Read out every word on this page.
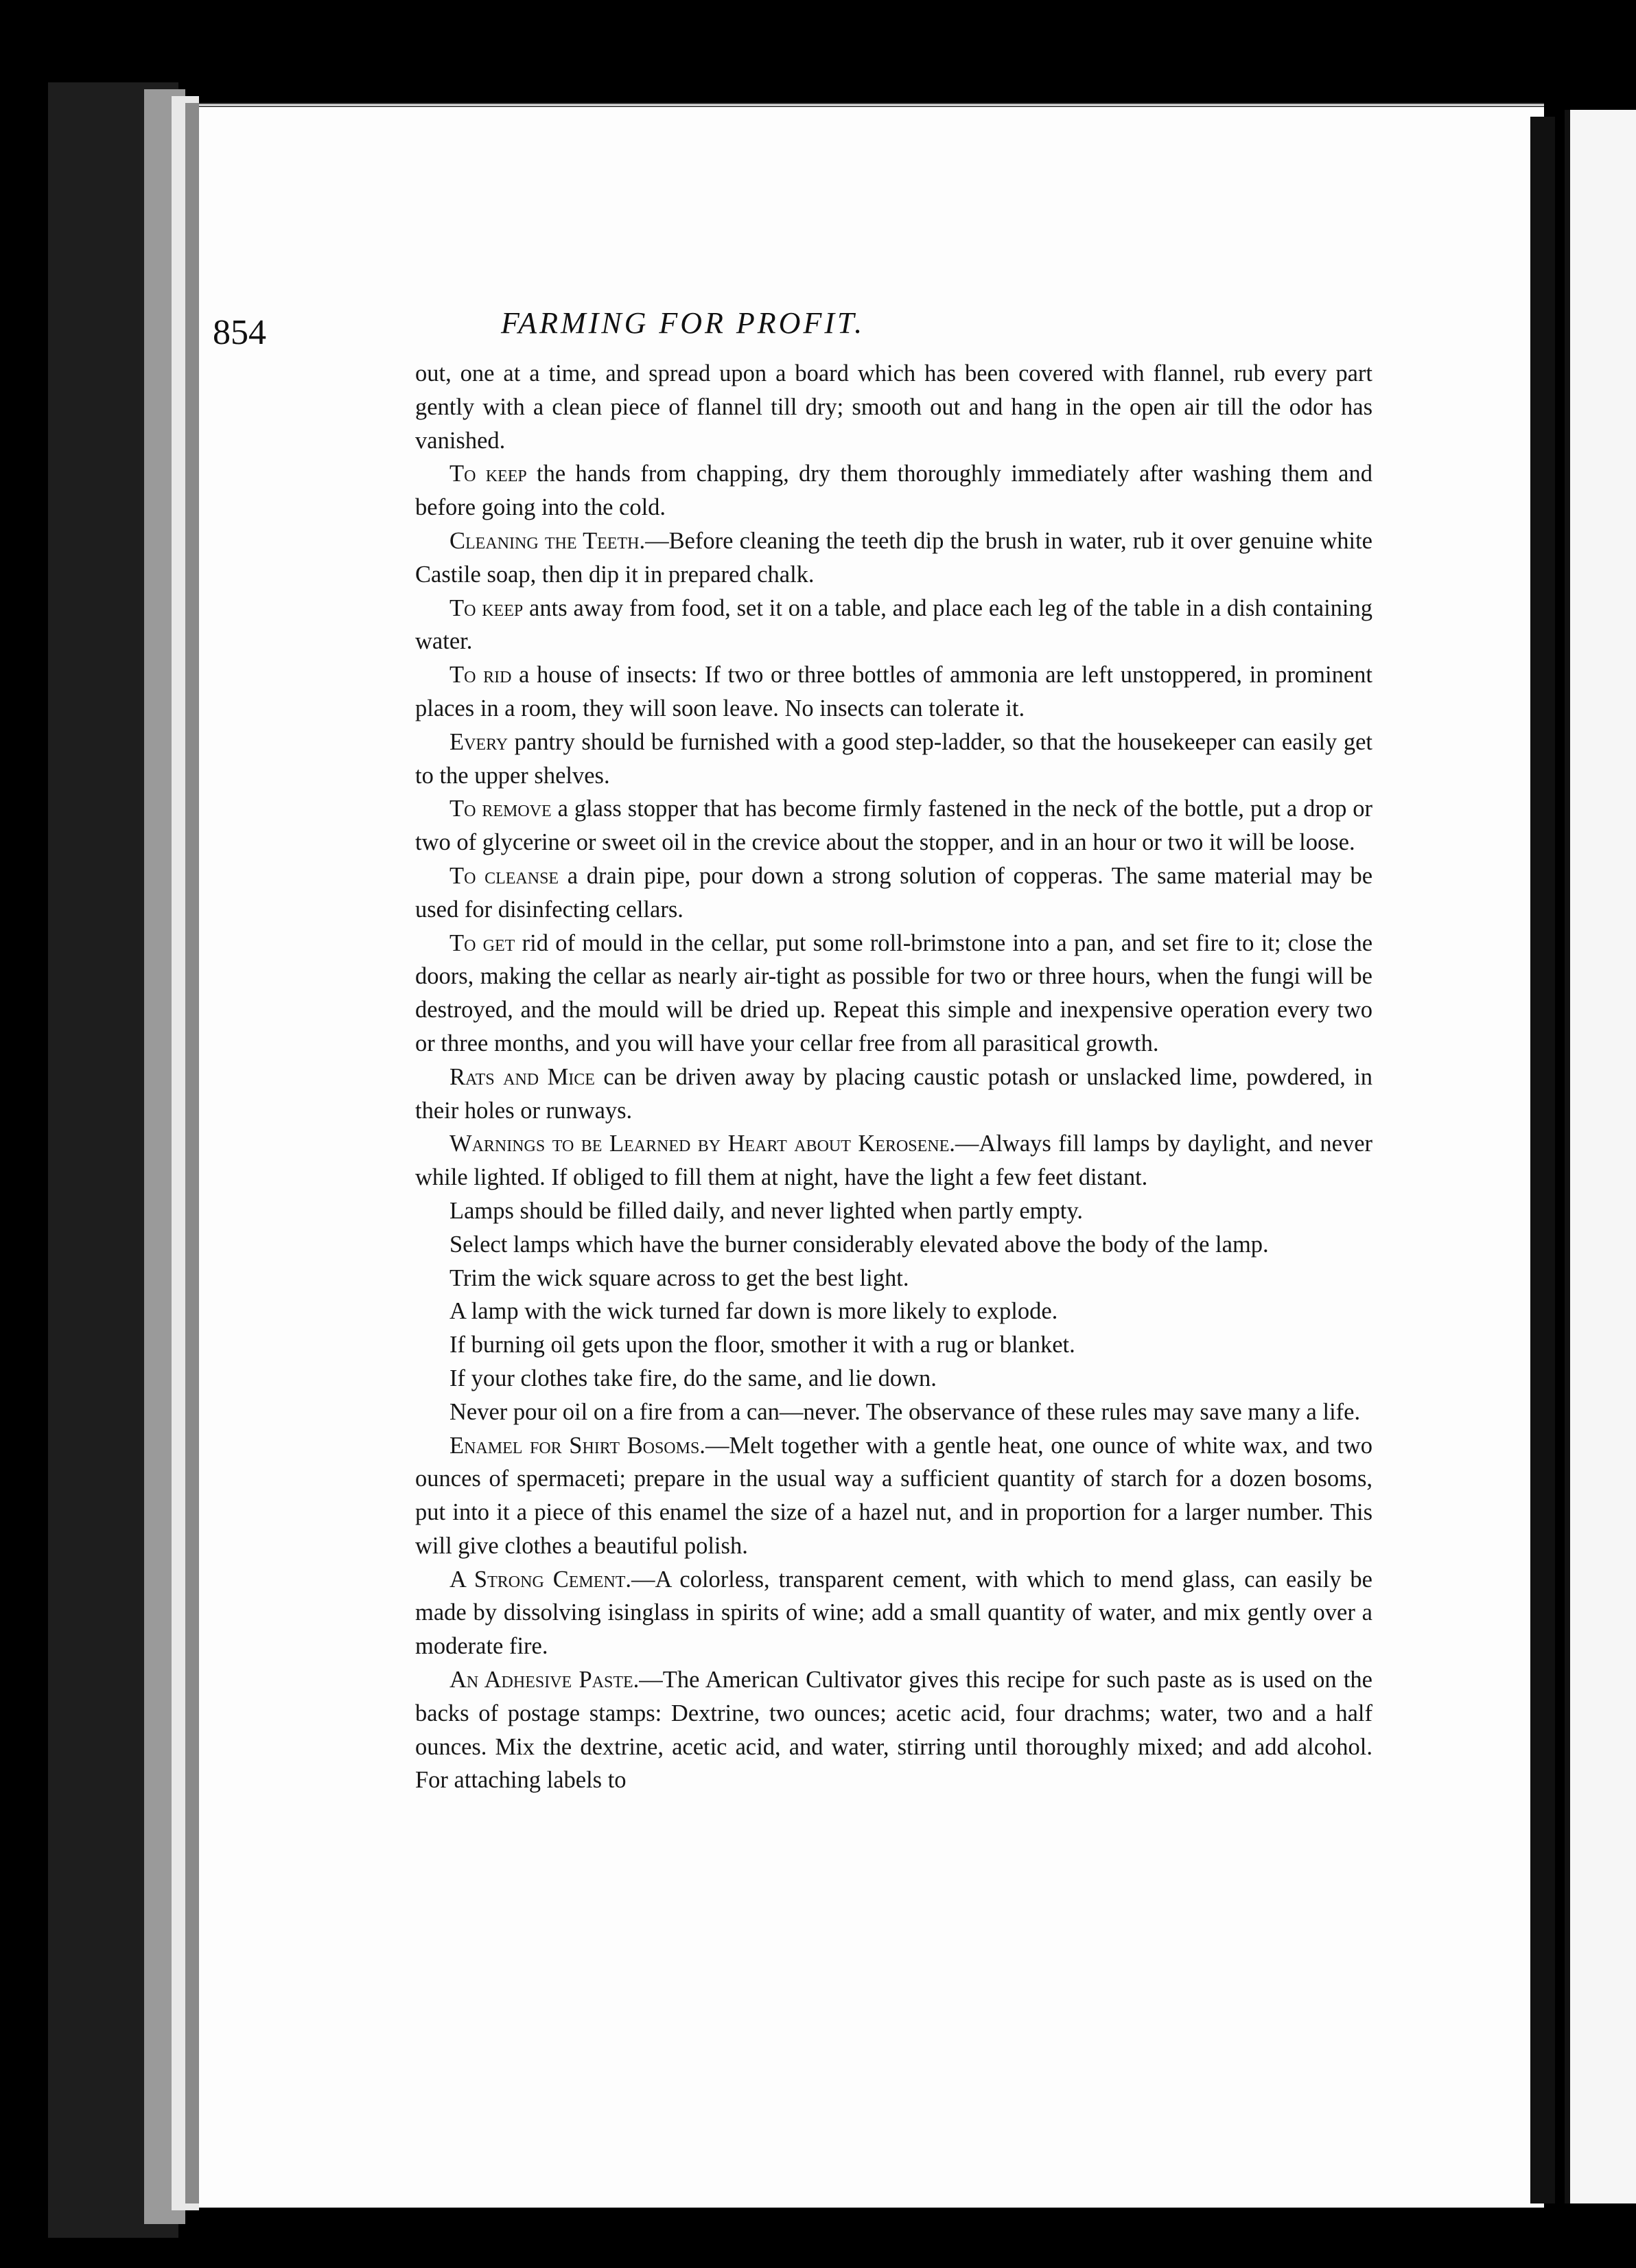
854	FARMING FOR PROFIT.

out, one at a time, and spread upon a board which has been covered with flannel, rub every part gently with a clean piece of flannel till dry; smooth out and hang in the open air till the odor has vanished.

To keep the hands from chapping, dry them thoroughly immediately after washing them and before going into the cold.

Cleaning the Teeth.—Before cleaning the teeth dip the brush in water, rub it over genuine white Castile soap, then dip it in prepared chalk.

To keep ants away from food, set it on a table, and place each leg of the table in a dish containing water.

To rid a house of insects: If two or three bottles of ammonia are left unstoppered, in prominent places in a room, they will soon leave. No insects can tolerate it.

Every pantry should be furnished with a good step-ladder, so that the housekeeper can easily get to the upper shelves.

To remove a glass stopper that has become firmly fastened in the neck of the bottle, put a drop or two of glycerine or sweet oil in the crevice about the stopper, and in an hour or two it will be loose.

To cleanse a drain pipe, pour down a strong solution of copperas. The same material may be used for disinfecting cellars.

To get rid of mould in the cellar, put some roll-brimstone into a pan, and set fire to it; close the doors, making the cellar as nearly air-tight as possible for two or three hours, when the fungi will be destroyed, and the mould will be dried up. Repeat this simple and inexpensive operation every two or three months, and you will have your cellar free from all parasitical growth.

Rats and Mice can be driven away by placing caustic potash or unslacked lime, powdered, in their holes or runways.

Warnings to be Learned by Heart about Kerosene.—Always fill lamps by daylight, and never while lighted. If obliged to fill them at night, have the light a few feet distant.

Lamps should be filled daily, and never lighted when partly empty.

Select lamps which have the burner considerably elevated above the body of the lamp.

Trim the wick square across to get the best light.

A lamp with the wick turned far down is more likely to explode.

If burning oil gets upon the floor, smother it with a rug or blanket.

If your clothes take fire, do the same, and lie down.

Never pour oil on a fire from a can—never. The observance of these rules may save many a life.

Enamel for Shirt Bosoms.—Melt together with a gentle heat, one ounce of white wax, and two ounces of spermaceti; prepare in the usual way a sufficient quantity of starch for a dozen bosoms, put into it a piece of this enamel the size of a hazel nut, and in proportion for a larger number. This will give clothes a beautiful polish.

A Strong Cement.—A colorless, transparent cement, with which to mend glass, can easily be made by dissolving isinglass in spirits of wine; add a small quantity of water, and mix gently over a moderate fire.

An Adhesive Paste.—The American Cultivator gives this recipe for such paste as is used on the backs of postage stamps: Dextrine, two ounces; acetic acid, four drachms; water, two and a half ounces. Mix the dextrine, acetic acid, and water, stirring until thoroughly mixed; and add alcohol. For attaching labels to
